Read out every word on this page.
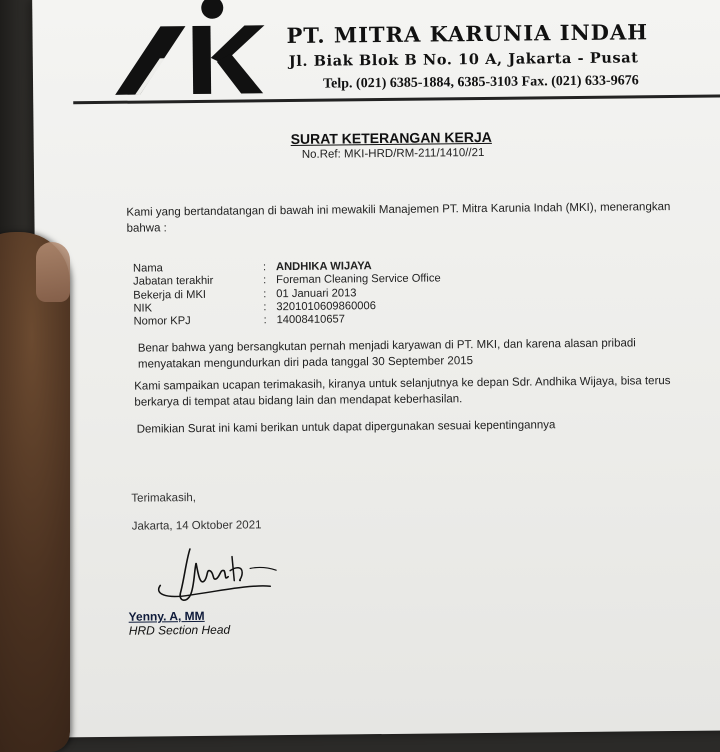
PT. MITRA KARUNIA INDAH
Jl. Biak Blok B No. 10 A, Jakarta - Pusat
Telp. (021) 6385-1884, 6385-3103 Fax. (021) 633-9676
SURAT KETERANGAN KERJA
No.Ref: MKI-HRD/RM-211/1410//21
Kami yang bertandatangan di bawah ini mewakili Manajemen PT. Mitra Karunia Indah (MKI), menerangkan bahwa :
Nama	: ANDHIKA WIJAYA
Jabatan terakhir	: Foreman Cleaning Service Office
Bekerja di MKI	: 01 Januari 2013
NIK	: 3201010609860006
Nomor KPJ	: 14008410657
Benar bahwa yang bersangkutan pernah menjadi karyawan di PT. MKI, dan karena alasan pribadi menyatakan mengundurkan diri pada tanggal 30 September 2015
Kami sampaikan ucapan terimakasih, kiranya untuk selanjutnya ke depan Sdr. Andhika Wijaya, bisa terus berkarya di tempat atau bidang lain dan mendapat keberhasilan.
Demikian Surat ini kami berikan untuk dapat dipergunakan sesuai kepentingannya
Terimakasih,
Jakarta, 14 Oktober 2021
Yenny. A, MM
HRD Section Head
